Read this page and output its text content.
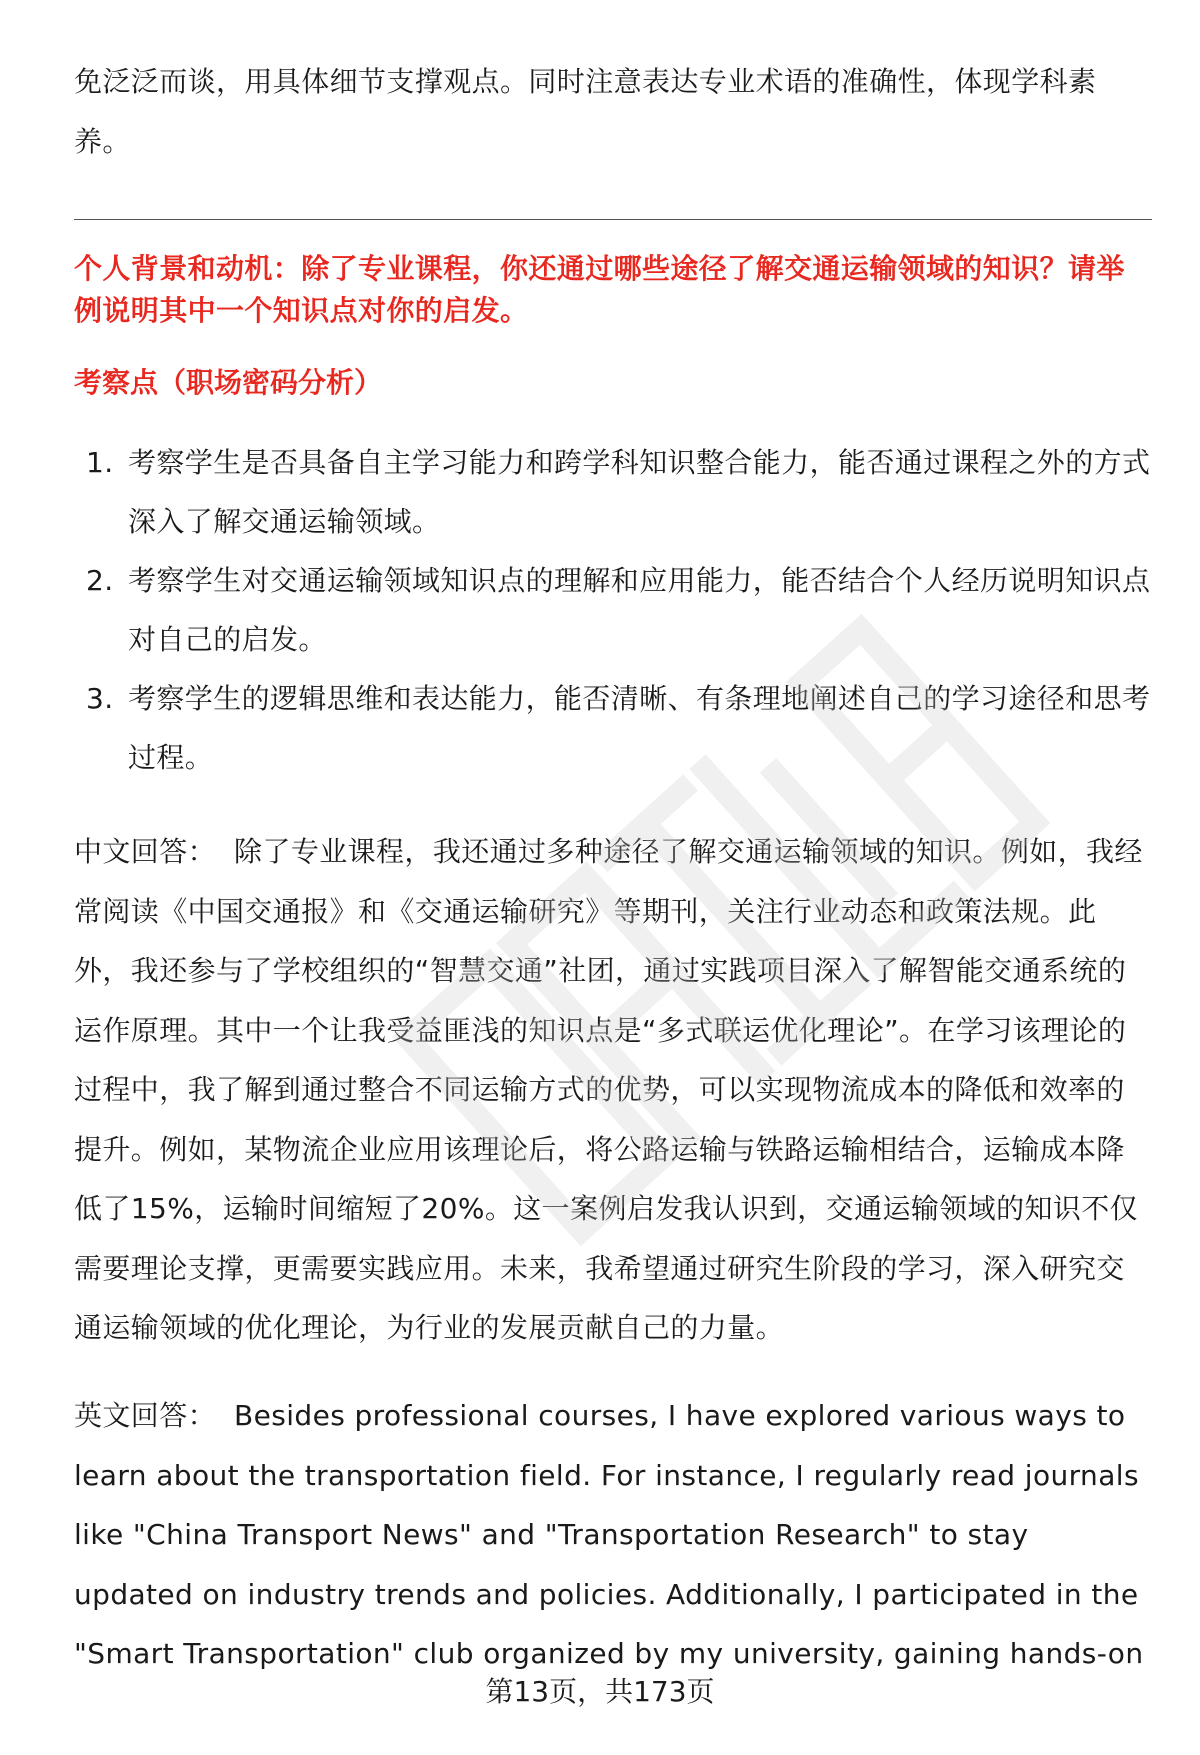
免泛泛而谈，用具体细节支撑观点。同时注意表达专业术语的准确性，体现学科素养。

个人背景和动机：除了专业课程，你还通过哪些途径了解交通运输领域的知识？请举例说明其中一个知识点对你的启发。

考察点（职场密码分析）

1. 考察学生是否具备自主学习能力和跨学科知识整合能力，能否通过课程之外的方式深入了解交通运输领域。
2. 考察学生对交通运输领域知识点的理解和应用能力，能否结合个人经历说明知识点对自己的启发。
3. 考察学生的逻辑思维和表达能力，能否清晰、有条理地阐述自己的学习途径和思考过程。

中文回答： 除了专业课程，我还通过多种途径了解交通运输领域的知识。例如，我经常阅读《中国交通报》和《交通运输研究》等期刊，关注行业动态和政策法规。此外，我还参与了学校组织的“智慧交通”社团，通过实践项目深入了解智能交通系统的运作原理。其中一个让我受益匪浅的知识点是“多式联运优化理论”。在学习该理论的过程中，我了解到通过整合不同运输方式的优势，可以实现物流成本的降低和效率的提升。例如，某物流企业应用该理论后，将公路运输与铁路运输相结合，运输成本降低了15%，运输时间缩短了20%。这一案例启发我认识到，交通运输领域的知识不仅需要理论支撑，更需要实践应用。未来，我希望通过研究生阶段的学习，深入研究交通运输领域的优化理论，为行业的发展贡献自己的力量。

英文回答： Besides professional courses, I have explored various ways to learn about the transportation field. For instance, I regularly read journals like "China Transport News" and "Transportation Research" to stay updated on industry trends and policies. Additionally, I participated in the "Smart Transportation" club organized by my university, gaining hands-on

第13页，共173页
